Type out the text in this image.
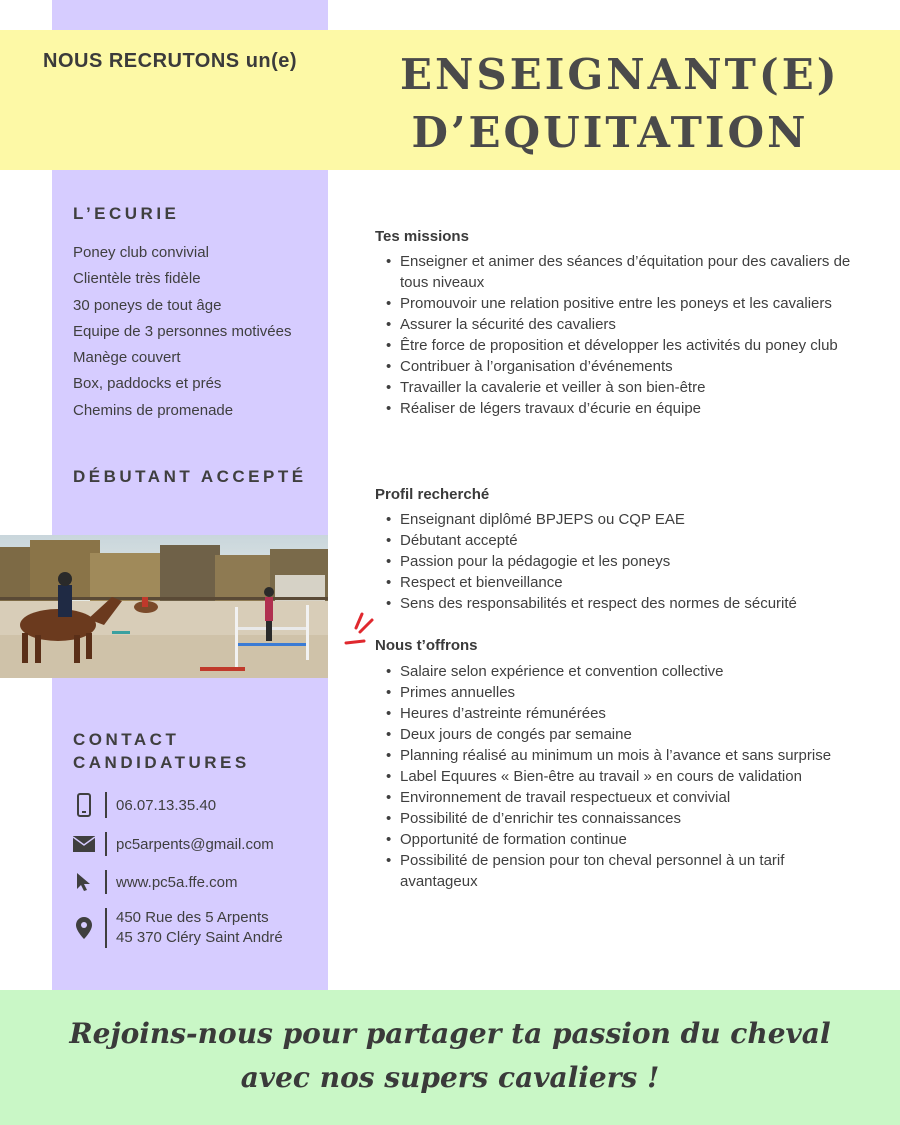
NOUS RECRUTONS un(e) ENSEIGNANT(E)
D’EQUITATION
L’ECURIE
Poney club convivial
Clientèle très fidèle
30 poneys de tout âge
Equipe de 3 personnes motivées
Manège couvert
Box, paddocks et prés
Chemins de promenade
DÉBUTANT ACCEPTÉ
CONTACT
CANDIDATURES
06.07.13.35.40
pc5arpents@gmail.com
www.pc5a.ffe.com
450 Rue des 5 Arpents
45 370 Cléry Saint André
Tes missions
• Enseigner et animer des séances d’équitation pour des cavaliers de tous niveaux
• Promouvoir une relation positive entre les poneys et les cavaliers
• Assurer la sécurité des cavaliers
• Être force de proposition et développer les activités du poney club
• Contribuer à l’organisation d’événements
• Travailler la cavalerie et veiller à son bien-être
• Réaliser de légers travaux d’écurie en équipe
Profil recherché
• Enseignant diplômé BPJEPS ou CQP EAE
• Débutant accepté
• Passion pour la pédagogie et les poneys
• Respect et bienveillance
• Sens des responsabilités et respect des normes de sécurité
Nous t’offrons
• Salaire selon expérience et convention collective
• Primes annuelles
• Heures d’astreinte rémunérées
• Deux jours de congés par semaine
• Planning réalisé au minimum un mois à l’avance et sans surprise
• Label Equures « Bien-être au travail » en cours de validation
• Environnement de travail respectueux et convivial
• Possibilité de d’enrichir tes connaissances
• Opportunité de formation continue
• Possibilité de pension pour ton cheval personnel à un tarif avantageux
Rejoins-nous pour partager ta passion du cheval
avec nos supers cavaliers !
